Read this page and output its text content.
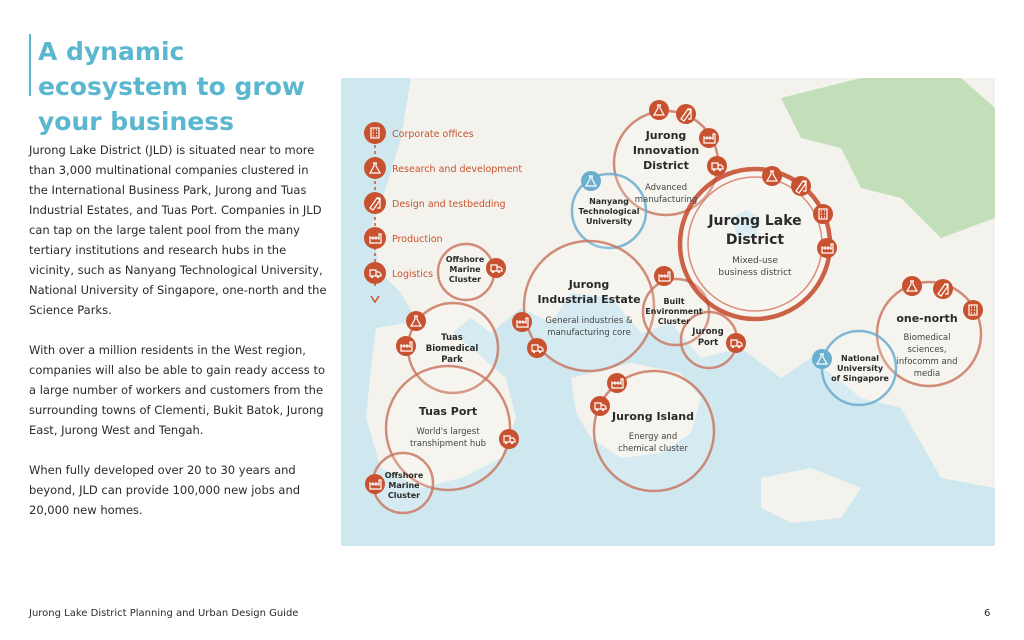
A dynamic ecosystem to grow your business

Jurong Lake District (JLD) is situated near to more than 3,000 multinational companies clustered in the International Business Park, Jurong and Tuas Industrial Estates, and Tuas Port. Companies in JLD can tap on the large talent pool from the many tertiary institutions and research hubs in the vicinity, such as Nanyang Technological University, National University of Singapore, one-north and the Science Parks.

With over a million residents in the West region, companies will also be able to gain ready access to a large number of workers and customers from the surrounding towns of Clementi, Bukit Batok, Jurong East, Jurong West and Tengah.

When fully developed over 20 to 30 years and beyond, JLD can provide 100,000 new jobs and 20,000 new homes.

Corporate offices
Research and development
Design and testbedding
Production
Logistics
Jurong Lake
District
Mixed-use
business district
Jurong
Innovation
District
Advanced
manufacturing
Nanyang
Technological
University
Jurong
Industrial Estate
General industries &
manufacturing core
Offshore
Marine
Cluster
Built
Environment
Cluster
Jurong
Port
Tuas
Biomedical
Park
Tuas Port
World's largest
transhipment hub
Offshore
Marine
Cluster
Jurong Island
Energy and
chemical cluster
one-north
Biomedical
sciences,
infocomm and
media
National
University
of Singapore
Jurong Lake District Planning and Urban Design Guide	6
